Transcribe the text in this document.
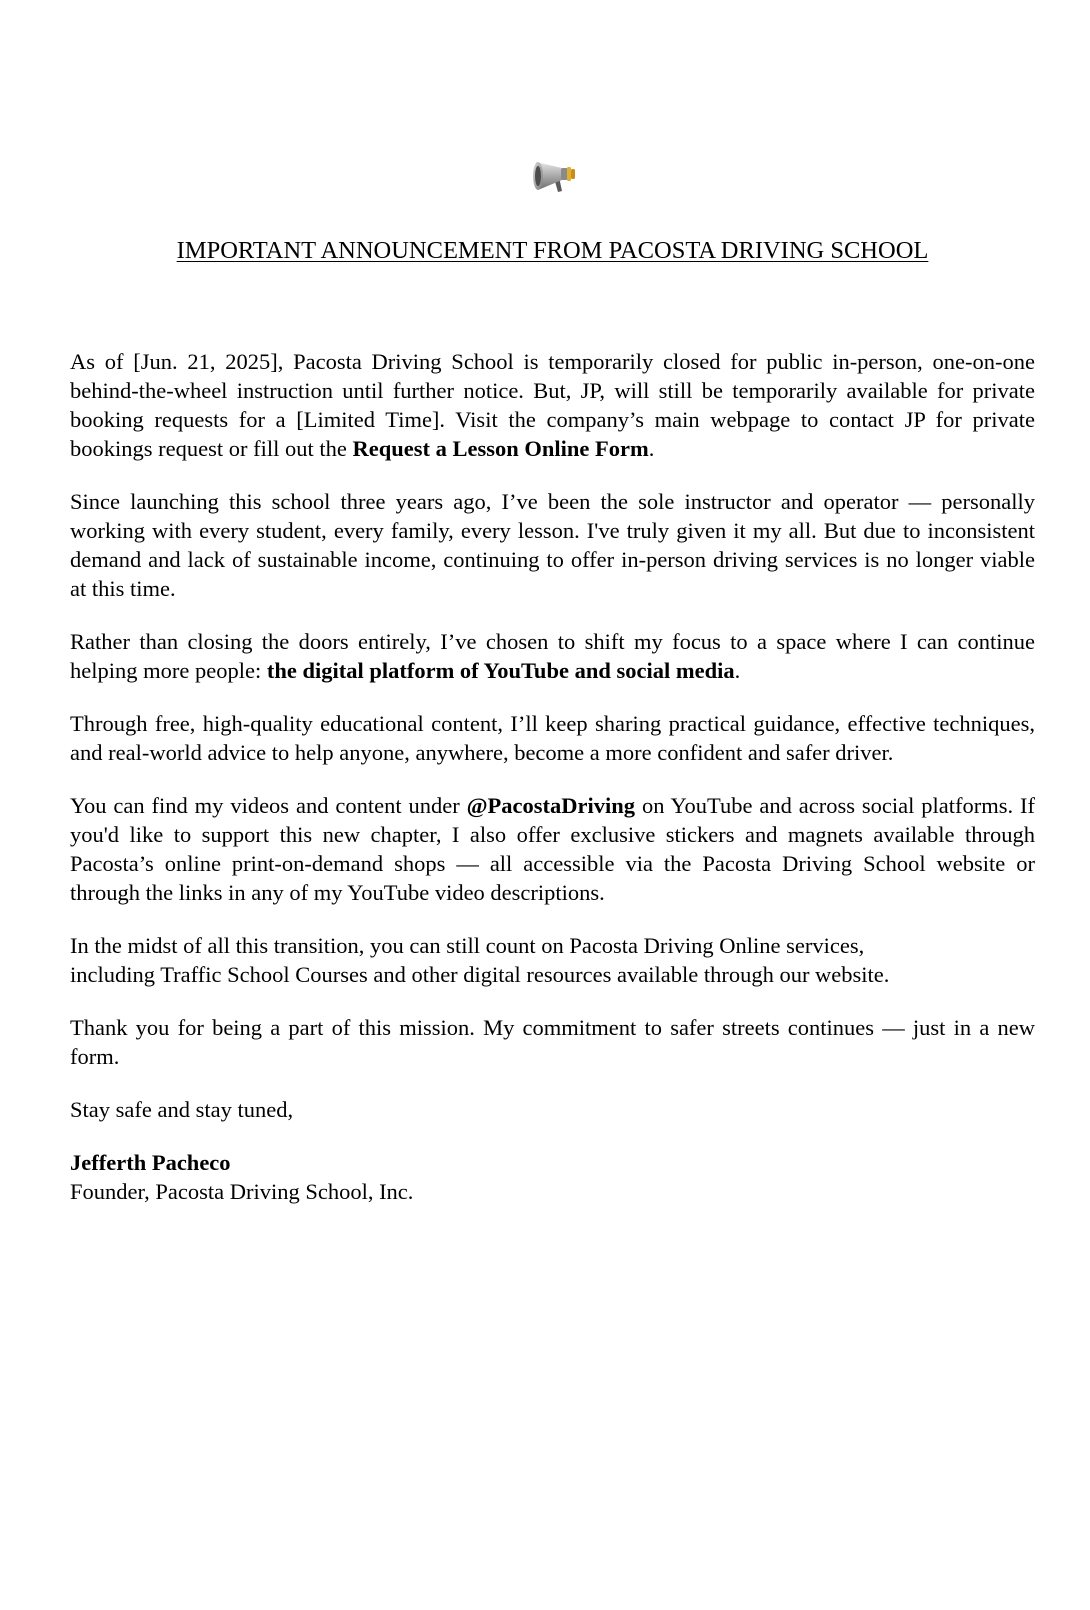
IMPORTANT ANNOUNCEMENT FROM PACOSTA DRIVING SCHOOL

As of [Jun. 21, 2025], Pacosta Driving School is temporarily closed for public in-person, one-on-one behind-the-wheel instruction until further notice. But, JP, will still be temporarily available for private booking requests for a [Limited Time]. Visit the company’s main webpage to contact JP for private bookings request or fill out the Request a Lesson Online Form.

Since launching this school three years ago, I’ve been the sole instructor and operator — personally working with every student, every family, every lesson. I've truly given it my all. But due to inconsistent demand and lack of sustainable income, continuing to offer in-person driving services is no longer viable at this time.

Rather than closing the doors entirely, I’ve chosen to shift my focus to a space where I can continue helping more people: the digital platform of YouTube and social media.

Through free, high-quality educational content, I’ll keep sharing practical guidance, effective techniques, and real-world advice to help anyone, anywhere, become a more confident and safer driver.

You can find my videos and content under @PacostaDriving on YouTube and across social platforms. If you'd like to support this new chapter, I also offer exclusive stickers and magnets available through Pacosta’s online print-on-demand shops — all accessible via the Pacosta Driving School website or through the links in any of my YouTube video descriptions.

In the midst of all this transition, you can still count on Pacosta Driving Online services,
including Traffic School Courses and other digital resources available through our website.

Thank you for being a part of this mission. My commitment to safer streets continues — just in a new form.

Stay safe and stay tuned,

Jefferth Pacheco
Founder, Pacosta Driving School, Inc.
